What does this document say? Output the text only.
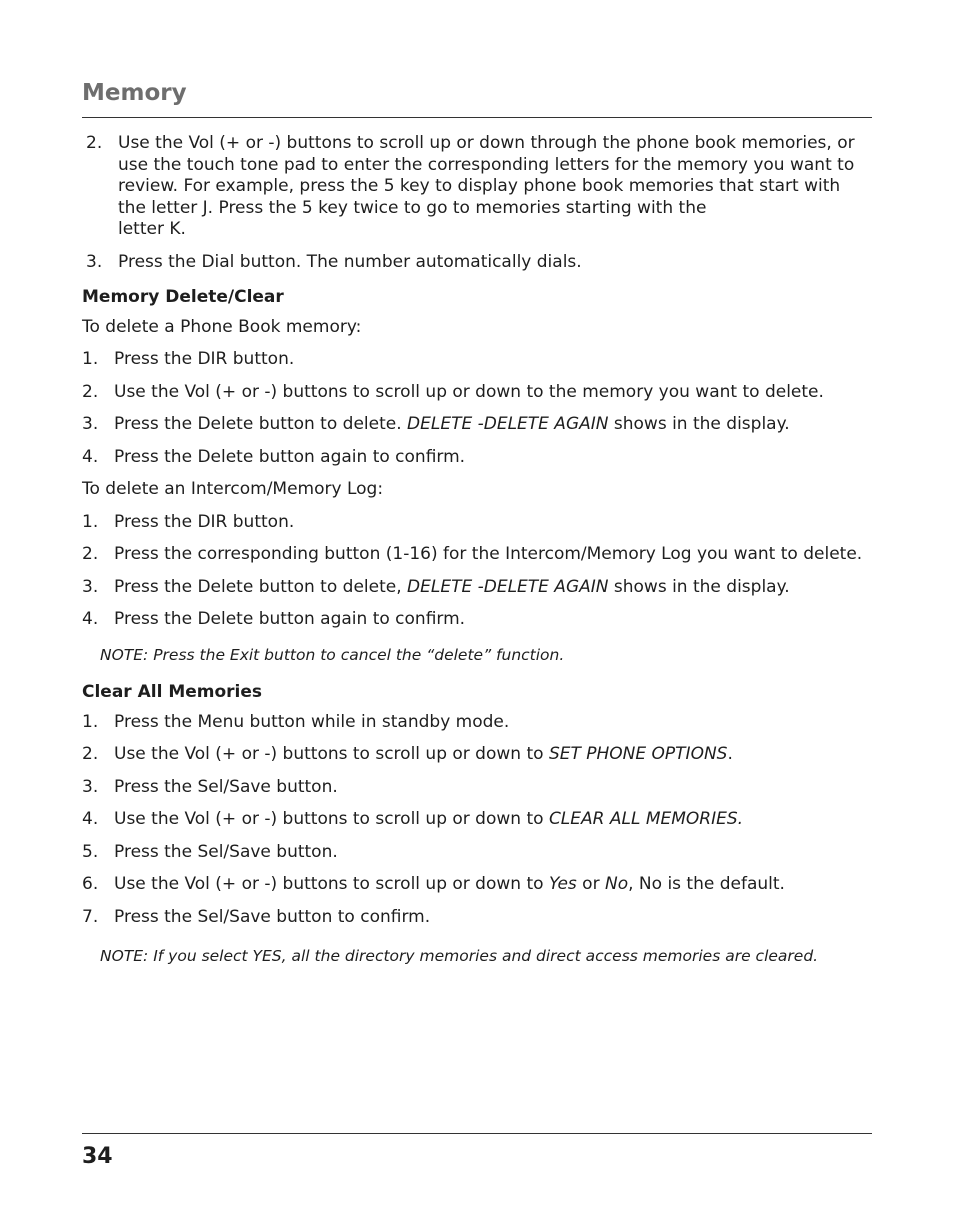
Memory
2. Use the Vol (+ or -) buttons to scroll up or down through the phone book memories, or use the touch tone pad to enter the corresponding letters for the memory you want to review. For example, press the 5 key to display phone book memories that start with the letter J. Press the 5 key twice to go to memories starting with the
letter K.
3. Press the Dial button. The number automatically dials.
Memory Delete/Clear
To delete a Phone Book memory:
1. Press the DIR button.
2. Use the Vol (+ or -) buttons to scroll up or down to the memory you want to delete.
3. Press the Delete button to delete. DELETE -DELETE AGAIN shows in the display.
4. Press the Delete button again to confirm.
To delete an Intercom/Memory Log:
1. Press the DIR button.
2. Press the corresponding button (1-16) for the Intercom/Memory Log you want to delete.
3. Press the Delete button to delete, DELETE -DELETE AGAIN shows in the display.
4. Press the Delete button again to confirm.
NOTE: Press the Exit button to cancel the “delete” function.
Clear All Memories
1. Press the Menu button while in standby mode.
2. Use the Vol (+ or -) buttons to scroll up or down to SET PHONE OPTIONS.
3. Press the Sel/Save button.
4. Use the Vol (+ or -) buttons to scroll up or down to CLEAR ALL MEMORIES.
5. Press the Sel/Save button.
6. Use the Vol (+ or -) buttons to scroll up or down to Yes or No, No is the default.
7. Press the Sel/Save button to confirm.
NOTE: If you select YES, all the directory memories and direct access memories are cleared.
34
